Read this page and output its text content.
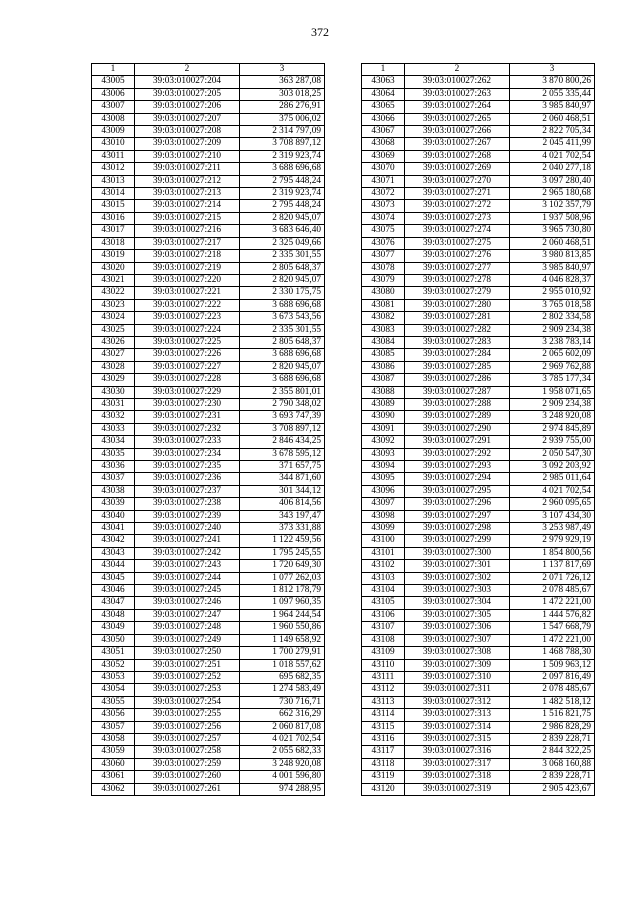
372
1	2	3
43005	39:03:010027:204	363 287,08
43006	39:03:010027:205	303 018,25
43007	39:03:010027:206	286 276,91
43008	39:03:010027:207	375 006,02
43009	39:03:010027:208	2 314 797,09
43010	39:03:010027:209	3 708 897,12
43011	39:03:010027:210	2 319 923,74
43012	39:03:010027:211	3 688 696,68
43013	39:03:010027:212	2 795 448,24
43014	39:03:010027:213	2 319 923,74
43015	39:03:010027:214	2 795 448,24
43016	39:03:010027:215	2 820 945,07
43017	39:03:010027:216	3 683 646,40
43018	39:03:010027:217	2 325 049,66
43019	39:03:010027:218	2 335 301,55
43020	39:03:010027:219	2 805 648,37
43021	39:03:010027:220	2 820 945,07
43022	39:03:010027:221	2 330 175,75
43023	39:03:010027:222	3 688 696,68
43024	39:03:010027:223	3 673 543,56
43025	39:03:010027:224	2 335 301,55
43026	39:03:010027:225	2 805 648,37
43027	39:03:010027:226	3 688 696,68
43028	39:03:010027:227	2 820 945,07
43029	39:03:010027:228	3 688 696,68
43030	39:03:010027:229	2 355 801,01
43031	39:03:010027:230	2 790 348,02
43032	39:03:010027:231	3 693 747,39
43033	39:03:010027:232	3 708 897,12
43034	39:03:010027:233	2 846 434,25
43035	39:03:010027:234	3 678 595,12
43036	39:03:010027:235	371 657,75
43037	39:03:010027:236	344 871,60
43038	39:03:010027:237	301 344,12
43039	39:03:010027:238	406 814,56
43040	39:03:010027:239	343 197,47
43041	39:03:010027:240	373 331,88
43042	39:03:010027:241	1 122 459,56
43043	39:03:010027:242	1 795 245,55
43044	39:03:010027:243	1 720 649,30
43045	39:03:010027:244	1 077 262,03
43046	39:03:010027:245	1 812 178,79
43047	39:03:010027:246	1 097 960,35
43048	39:03:010027:247	1 964 244,54
43049	39:03:010027:248	1 960 550,86
43050	39:03:010027:249	1 149 658,92
43051	39:03:010027:250	1 700 279,91
43052	39:03:010027:251	1 018 557,62
43053	39:03:010027:252	695 682,35
43054	39:03:010027:253	1 274 583,49
43055	39:03:010027:254	730 716,71
43056	39:03:010027:255	662 316,29
43057	39:03:010027:256	2 060 817,08
43058	39:03:010027:257	4 021 702,54
43059	39:03:010027:258	2 055 682,33
43060	39:03:010027:259	3 248 920,08
43061	39:03:010027:260	4 001 596,80
43062	39:03:010027:261	974 288,95
1	2	3
43063	39:03:010027:262	3 870 800,26
43064	39:03:010027:263	2 055 335,44
43065	39:03:010027:264	3 985 840,97
43066	39:03:010027:265	2 060 468,51
43067	39:03:010027:266	2 822 705,34
43068	39:03:010027:267	2 045 411,99
43069	39:03:010027:268	4 021 702,54
43070	39:03:010027:269	2 040 277,18
43071	39:03:010027:270	3 097 280,40
43072	39:03:010027:271	2 965 180,68
43073	39:03:010027:272	3 102 357,79
43074	39:03:010027:273	1 937 508,96
43075	39:03:010027:274	3 965 730,80
43076	39:03:010027:275	2 060 468,51
43077	39:03:010027:276	3 980 813,85
43078	39:03:010027:277	3 985 840,97
43079	39:03:010027:278	4 046 828,37
43080	39:03:010027:279	2 955 010,92
43081	39:03:010027:280	3 765 018,58
43082	39:03:010027:281	2 802 334,58
43083	39:03:010027:282	2 909 234,38
43084	39:03:010027:283	3 238 783,14
43085	39:03:010027:284	2 065 602,09
43086	39:03:010027:285	2 969 762,88
43087	39:03:010027:286	3 785 177,34
43088	39:03:010027:287	1 958 071,65
43089	39:03:010027:288	2 909 234,38
43090	39:03:010027:289	3 248 920,08
43091	39:03:010027:290	2 974 845,89
43092	39:03:010027:291	2 939 755,00
43093	39:03:010027:292	2 050 547,30
43094	39:03:010027:293	3 092 203,92
43095	39:03:010027:294	2 985 011,64
43096	39:03:010027:295	4 021 702,54
43097	39:03:010027:296	2 960 095,65
43098	39:03:010027:297	3 107 434,30
43099	39:03:010027:298	3 253 987,49
43100	39:03:010027:299	2 979 929,19
43101	39:03:010027:300	1 854 800,56
43102	39:03:010027:301	1 137 817,69
43103	39:03:010027:302	2 071 726,12
43104	39:03:010027:303	2 078 485,67
43105	39:03:010027:304	1 472 221,00
43106	39:03:010027:305	1 444 576,82
43107	39:03:010027:306	1 547 668,79
43108	39:03:010027:307	1 472 221,00
43109	39:03:010027:308	1 468 788,30
43110	39:03:010027:309	1 509 963,12
43111	39:03:010027:310	2 097 816,49
43112	39:03:010027:311	2 078 485,67
43113	39:03:010027:312	1 482 518,12
43114	39:03:010027:313	1 516 821,75
43115	39:03:010027:314	2 986 828,29
43116	39:03:010027:315	2 839 228,71
43117	39:03:010027:316	2 844 322,25
43118	39:03:010027:317	3 068 160,88
43119	39:03:010027:318	2 839 228,71
43120	39:03:010027:319	2 905 423,67
